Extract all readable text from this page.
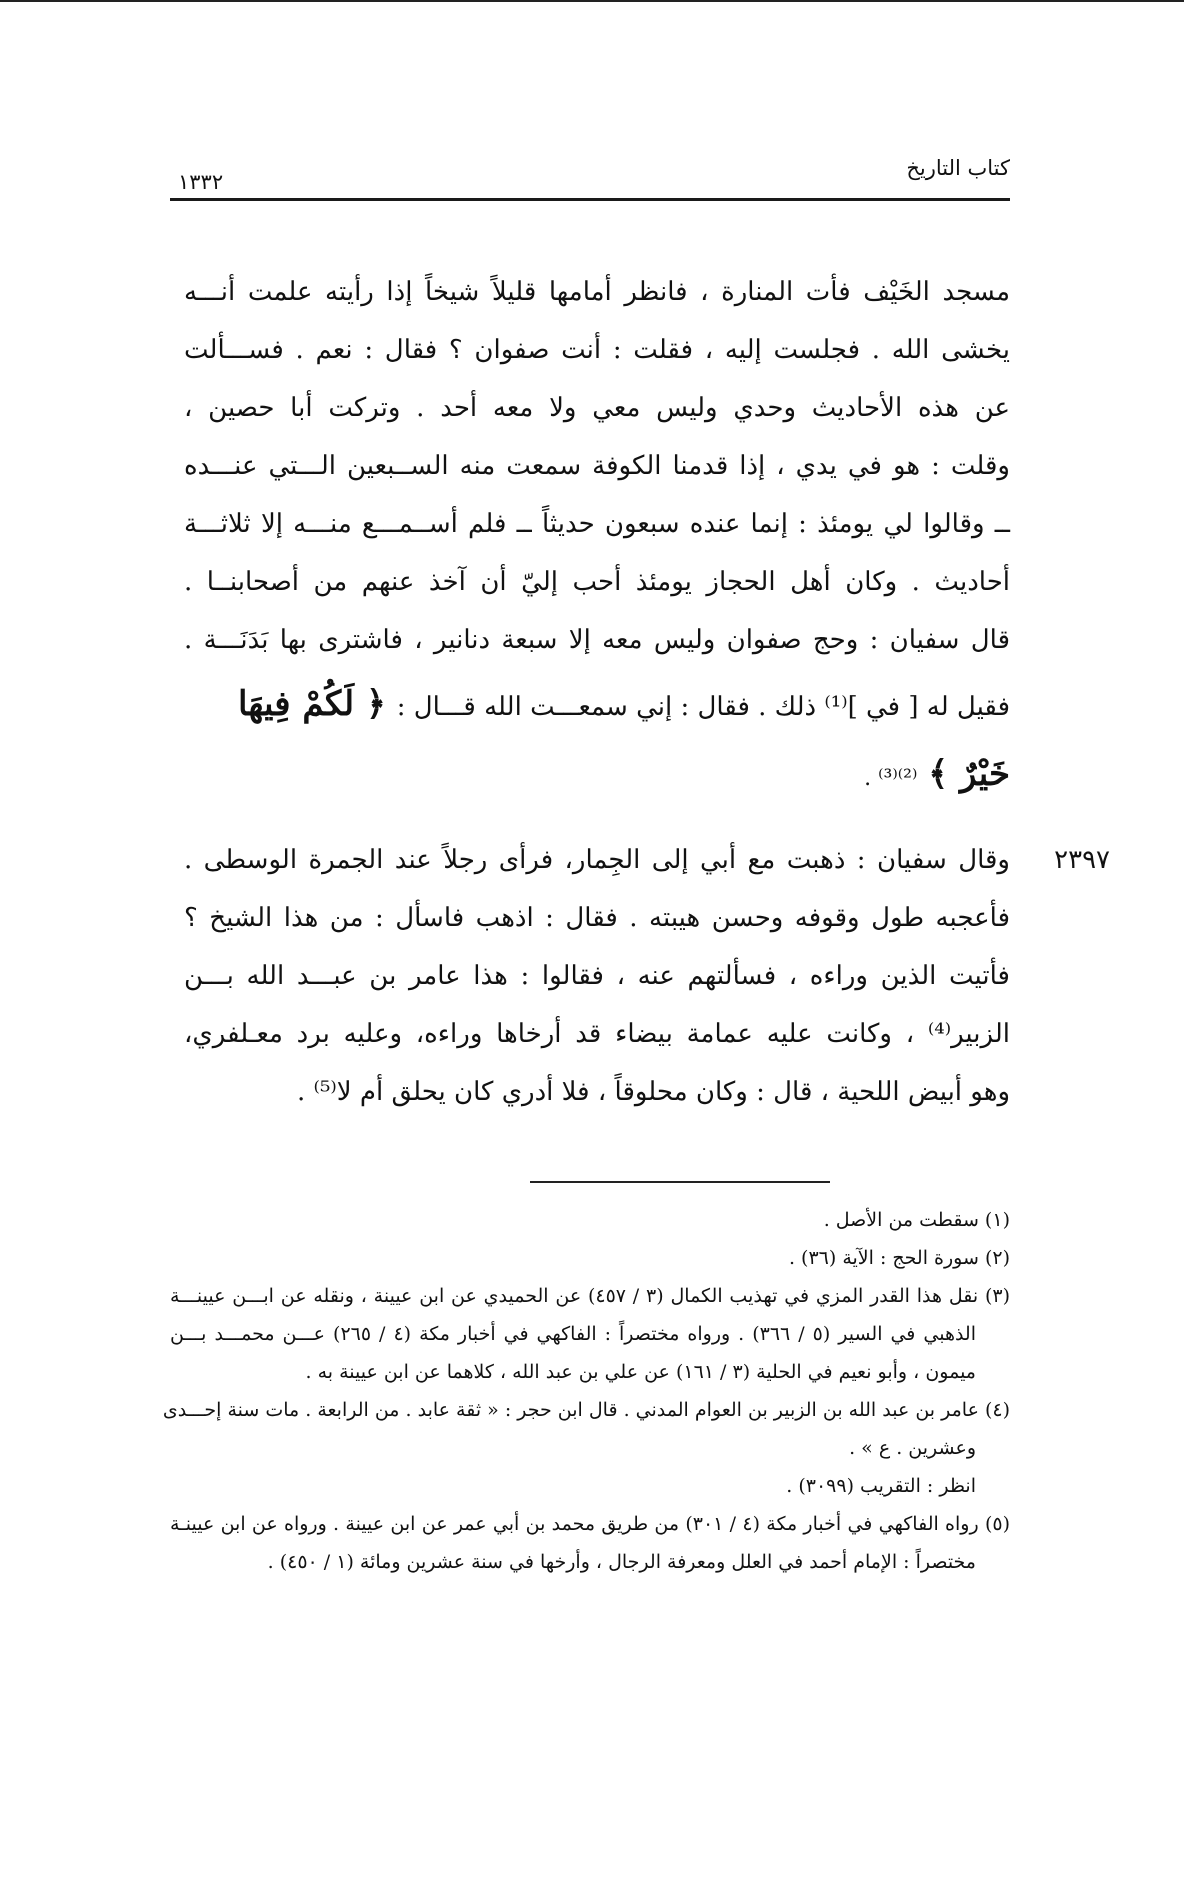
كتاب التاريخ
١٣٣٢
مسجد الخَيْف فأت المنارة ، فانظر أمامها قليلاً شيخاً إذا رأيته علمت أنـــه
يخشى الله . فجلست إليه ، فقلت : أنت صفوان ؟ فقال : نعم . فســـألت
عن هذه الأحاديث وحدي وليس معي ولا معه أحد . وتركت أبا حصين ،
وقلت : هو في يدي ، إذا قدمنا الكوفة سمعت منه الســبعين الـــتي عنـــده
ــ وقالوا لي يومئذ : إنما عنده سبعون حديثاً ــ فلم أســمـــع منـــه إلا ثلاثـــة
أحاديث . وكان أهل الحجاز يومئذ أحب إليّ أن آخذ عنهم من أصحابنــا .
قال سفيان : وحج صفوان وليس معه إلا سبعة دنانير ، فاشترى بها بَدَنَـــة .
فقيل له [ في ]⁽¹⁾ ذلك . فقال : إني سمعـــت الله قـــال : ﴿ لَكُمْ فِيهَا
خَيْرٌ ﴾ ⁽²⁾⁽³⁾ .
٢٣٩٧
وقال سفيان : ذهبت مع أبي إلى الجِمار، فرأى رجلاً عند الجمرة الوسطى .
فأعجبه طول وقوفه وحسن هيبته . فقال : اذهب فاسأل : من هذا الشيخ ؟
فأتيت الذين وراءه ، فسألتهم عنه ، فقالوا : هذا عامر بن عبـــد الله بـــن
الزبير⁽⁴⁾ ، وكانت عليه عمامة بيضاء قد أرخاها وراءه، وعليه برد معـلفري،
وهو أبيض اللحية ، قال : وكان محلوقاً ، فلا أدري كان يحلق أم لا⁽⁵⁾ .
(١) سقطت من الأصل .
(٢) سورة الحج : الآية (٣٦) .
(٣) نقل هذا القدر المزي في تهذيب الكمال (٣ / ٤٥٧) عن الحميدي عن ابن عيينة ، ونقله عن ابـــن عيينـــة
الذهبي في السير (٥ / ٣٦٦) . ورواه مختصراً : الفاكهي في أخبار مكة (٤ / ٢٦٥) عـــن محمـــد بـــن
ميمون ، وأبو نعيم في الحلية (٣ / ١٦١) عن علي بن عبد الله ، كلاهما عن ابن عيينة به .
(٤) عامر بن عبد الله بن الزبير بن العوام المدني . قال ابن حجر : « ثقة عابد . من الرابعة . مات سنة إحـــدى
وعشرين . ع » .
انظر : التقريب (٣٠٩٩) .
(٥) رواه الفاكهي في أخبار مكة (٤ / ٣٠١) من طريق محمد بن أبي عمر عن ابن عيينة . ورواه عن ابن عيينـة
مختصراً : الإمام أحمد في العلل ومعرفة الرجال ، وأرخها في سنة عشرين ومائة (١ / ٤٥٠) .
